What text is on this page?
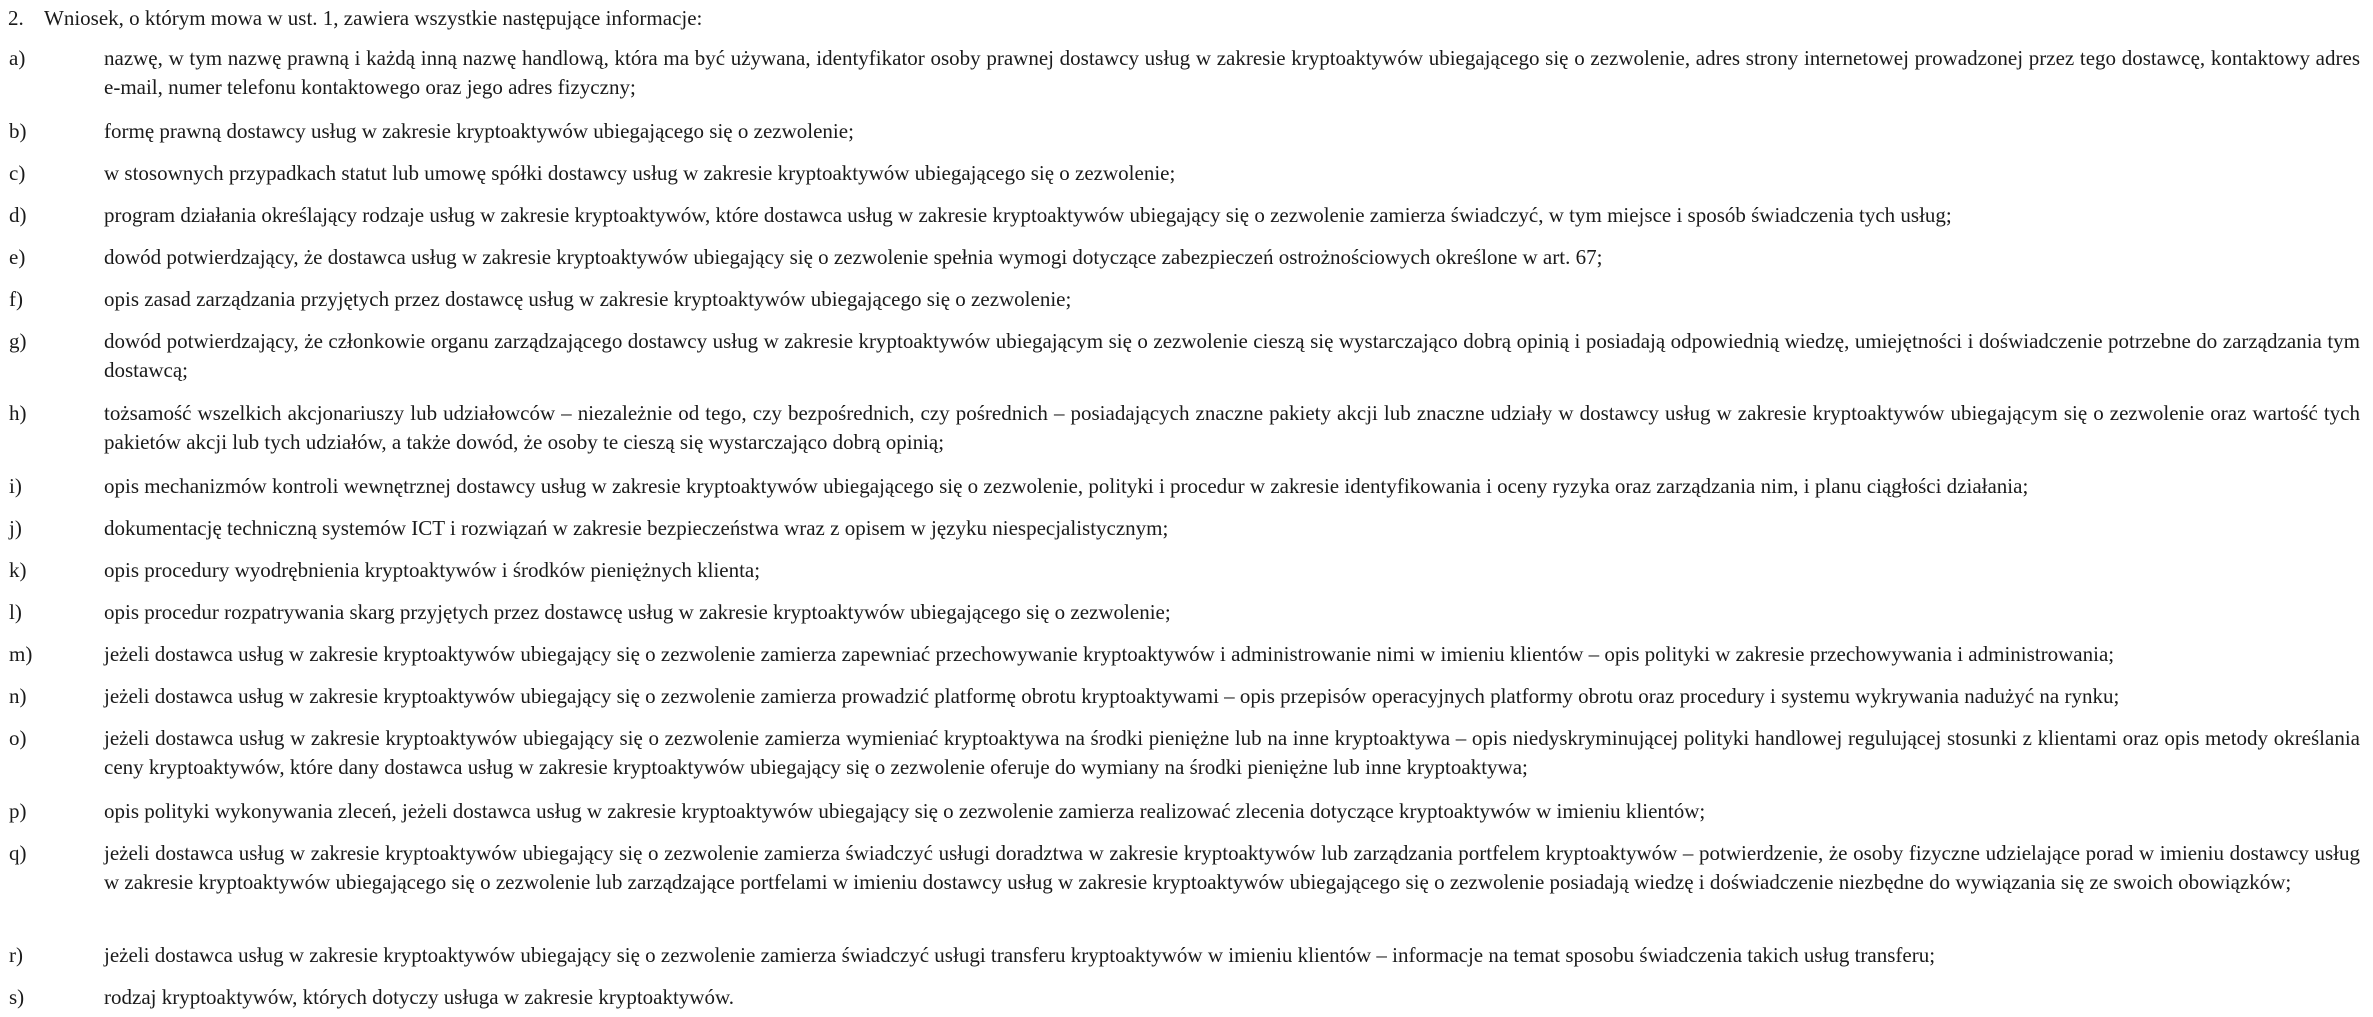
2. Wniosek, o którym mowa w ust. 1, zawiera wszystkie następujące informacje:
a)	nazwę, w tym nazwę prawną i każdą inną nazwę handlową, która ma być używana, identyfikator osoby prawnej dostawcy usług w zakresie kryptoaktywów ubiegającego się o zezwolenie, adres strony internetowej prowadzonej przez tego dostawcę, kontaktowy adres e-mail, numer telefonu kontaktowego oraz jego adres fizyczny;
b)	formę prawną dostawcy usług w zakresie kryptoaktywów ubiegającego się o zezwolenie;
c)	w stosownych przypadkach statut lub umowę spółki dostawcy usług w zakresie kryptoaktywów ubiegającego się o zezwolenie;
d)	program działania określający rodzaje usług w zakresie kryptoaktywów, które dostawca usług w zakresie kryptoaktywów ubiegający się o zezwolenie zamierza świadczyć, w tym miejsce i sposób świadczenia tych usług;
e)	dowód potwierdzający, że dostawca usług w zakresie kryptoaktywów ubiegający się o zezwolenie spełnia wymogi dotyczące zabezpieczeń ostrożnościowych określone w art. 67;
f)	opis zasad zarządzania przyjętych przez dostawcę usług w zakresie kryptoaktywów ubiegającego się o zezwolenie;
g)	dowód potwierdzający, że członkowie organu zarządzającego dostawcy usług w zakresie kryptoaktywów ubiegającym się o zezwolenie cieszą się wystarczająco dobrą opinią i posiadają odpowiednią wiedzę, umiejętności i doświadczenie potrzebne do zarządzania tym dostawcą;
h)	tożsamość wszelkich akcjonariuszy lub udziałowców – niezależnie od tego, czy bezpośrednich, czy pośrednich – posiadających znaczne pakiety akcji lub znaczne udziały w dostawcy usług w zakresie kryptoaktywów ubiegającym się o zezwolenie oraz wartość tych pakietów akcji lub tych udziałów, a także dowód, że osoby te cieszą się wystarczająco dobrą opinią;
i)	opis mechanizmów kontroli wewnętrznej dostawcy usług w zakresie kryptoaktywów ubiegającego się o zezwolenie, polityki i procedur w zakresie identyfikowania i oceny ryzyka oraz zarządzania nim, i planu ciągłości działania;
j)	dokumentację techniczną systemów ICT i rozwiązań w zakresie bezpieczeństwa wraz z opisem w języku niespecjalistycznym;
k)	opis procedury wyodrębnienia kryptoaktywów i środków pieniężnych klienta;
l)	opis procedur rozpatrywania skarg przyjętych przez dostawcę usług w zakresie kryptoaktywów ubiegającego się o zezwolenie;
m)	jeżeli dostawca usług w zakresie kryptoaktywów ubiegający się o zezwolenie zamierza zapewniać przechowywanie kryptoaktywów i administrowanie nimi w imieniu klientów – opis polityki w zakresie przechowywania i administrowania;
n)	jeżeli dostawca usług w zakresie kryptoaktywów ubiegający się o zezwolenie zamierza prowadzić platformę obrotu kryptoaktywami – opis przepisów operacyjnych platformy obrotu oraz procedury i systemu wykrywania nadużyć na rynku;
o)	jeżeli dostawca usług w zakresie kryptoaktywów ubiegający się o zezwolenie zamierza wymieniać kryptoaktywa na środki pieniężne lub na inne kryptoaktywa – opis niedyskryminującej polityki handlowej regulującej stosunki z klientami oraz opis metody określania ceny kryptoaktywów, które dany dostawca usług w zakresie kryptoaktywów ubiegający się o zezwolenie oferuje do wymiany na środki pieniężne lub inne kryptoaktywa;
p)	opis polityki wykonywania zleceń, jeżeli dostawca usług w zakresie kryptoaktywów ubiegający się o zezwolenie zamierza realizować zlecenia dotyczące kryptoaktywów w imieniu klientów;
q)	jeżeli dostawca usług w zakresie kryptoaktywów ubiegający się o zezwolenie zamierza świadczyć usługi doradztwa w zakresie kryptoaktywów lub zarządzania portfelem kryptoaktywów – potwierdzenie, że osoby fizyczne udzielające porad w imieniu dostawcy usług w zakresie kryptoaktywów ubiegającego się o zezwolenie lub zarządzające portfelami w imieniu dostawcy usług w zakresie kryptoaktywów ubiegającego się o zezwolenie posiadają wiedzę i doświadczenie niezbędne do wywiązania się ze swoich obowiązków;
r)	jeżeli dostawca usług w zakresie kryptoaktywów ubiegający się o zezwolenie zamierza świadczyć usługi transferu kryptoaktywów w imieniu klientów – informacje na temat sposobu świadczenia takich usług transferu;
s)	rodzaj kryptoaktywów, których dotyczy usługa w zakresie kryptoaktywów.
